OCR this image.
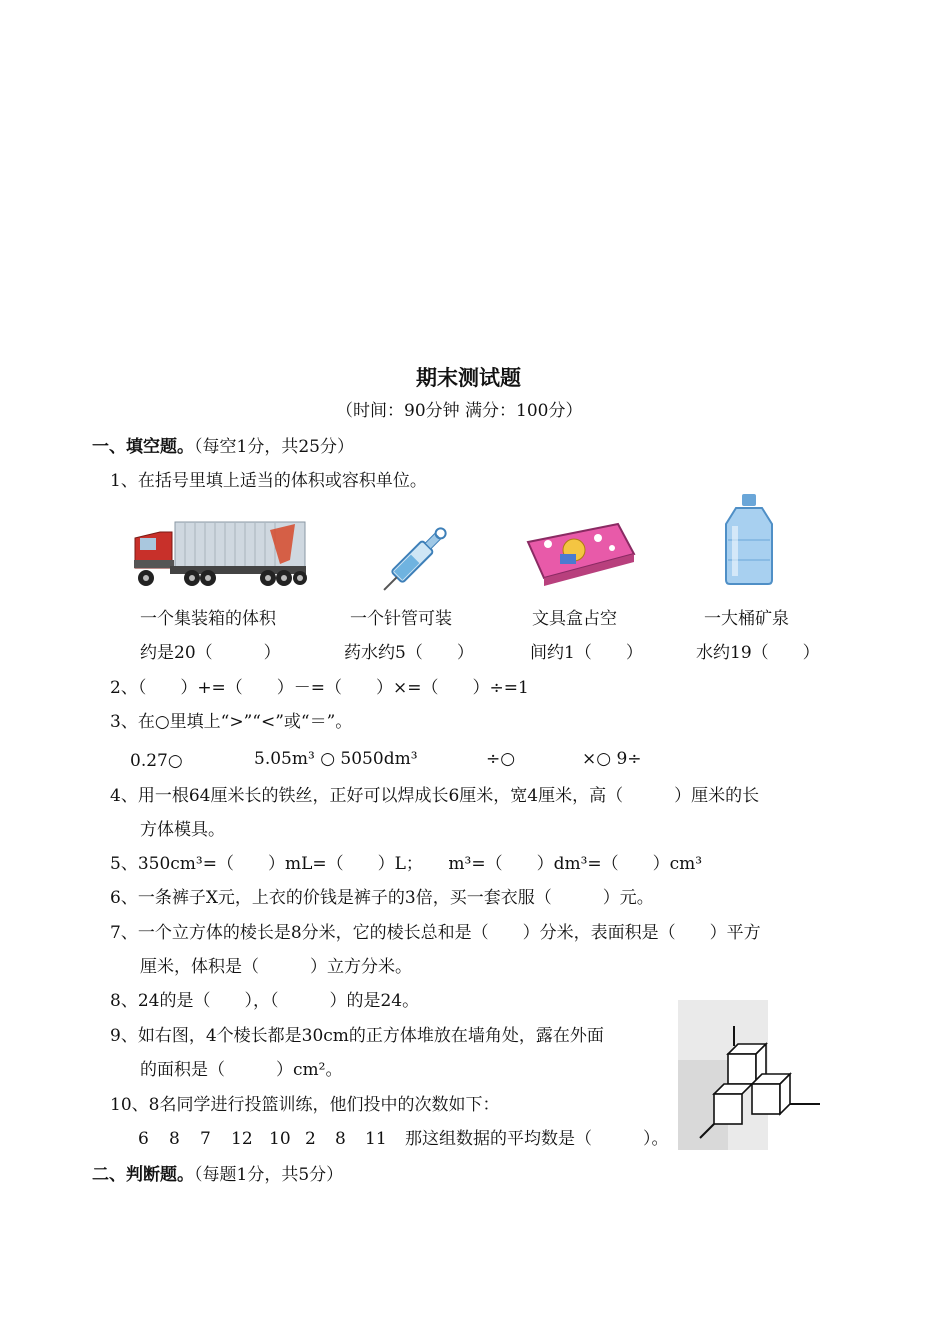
期末测试题
（时间：90分钟 满分：100分）
一、填空题。（每空1分，共25分）
1、在括号里填上适当的体积或容积单位。
一个集装箱的体积
约是20（　　　）
一个针管可装
药水约5（　　）
文具盒占空
间约1（　　）
一大桶矿泉
水约19（　　）
2、（　　）+=（　　）－=（　　）×=（　　）÷=1
3、在○里填上“>”“<”或“＝”。
0.27○	5.05m³ ○ 5050dm³	÷○	×○ 9÷
4、用一根64厘米长的铁丝，正好可以焊成长6厘米，宽4厘米，高（　　　）厘米的长
方体模具。
5、350cm³=（　　）mL=（　　）L；　　m³=（　　）dm³=（　　）cm³
6、一条裤子X元，上衣的价钱是裤子的3倍，买一套衣服（　　　）元。
7、一个立方体的棱长是8分米，它的棱长总和是（　　）分米，表面积是（　　）平方
厘米，体积是（　　　）立方分米。
8、24的是（　　），（　　　）的是24。
9、如右图，4个棱长都是30cm的正方体堆放在墙角处，露在外面
的面积是（　　　）cm²。
10、8名同学进行投篮训练，他们投中的次数如下：
6 8 7 12 10 2 8 11 那这组数据的平均数是（　　　）。
二、判断题。（每题1分，共5分）
